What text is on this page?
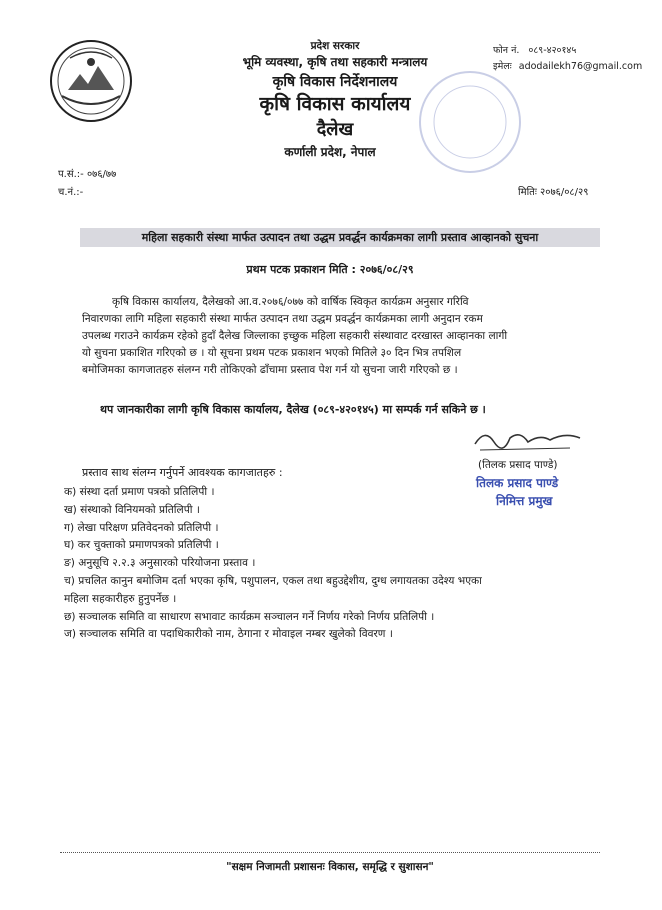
प्रदेश सरकार
भूमि व्यवस्था, कृषि तथा सहकारी मन्त्रालय
कृषि विकास निर्देशनालय
कृषि विकास कार्यालय
दैलेख
कर्णाली प्रदेश, नेपाल
फोन नं. ०८९-४२०१४५
इमेलः adodailekh76@gmail.com
प.सं.:- ०७६/७७
च.नं.:-	मितिः २०७६/०८/२९
महिला सहकारी संस्था मार्फत उत्पादन तथा उद्धम प्रवर्द्धन कार्यक्रमका लागी प्रस्ताव आव्हानको सुचना
प्रथम पटक प्रकाशन मिति : २०७६/०८/२९
कृषि विकास कार्यालय, दैलेखको आ.व.२०७६/०७७ को वार्षिक स्विकृत कार्यक्रम अनुसार गरिवि
निवारणका लागि महिला सहकारी संस्था मार्फत उत्पादन तथा उद्धम प्रवर्द्धन कार्यक्रमका लागी अनुदान रकम
उपलब्ध गराउने कार्यक्रम रहेको हुदाँ दैलेख जिल्लाका इच्छुक महिला सहकारी संस्थावाट दरखास्त आव्हानका लागी
यो सुचना प्रकाशित गरिएको छ । यो सूचना प्रथम पटक प्रकाशन भएको मितिले ३० दिन भित्र तपशिल
बमोजिमका कागजातहरु संलग्न गरी तोकिएको ढाँचामा प्रस्ताव पेश गर्न यो सुचना जारी गरिएको छ ।
थप जानकारीका लागी कृषि विकास कार्यालय, दैलेख (०८९-४२०१४५) मा सम्पर्क गर्न सकिने छ ।
(तिलक प्रसाद पाण्डे)
तिलक प्रसाद पाण्डे
निमित्त प्रमुख
प्रस्ताव साथ संलग्न गर्नुपर्ने आवश्यक कागजातहरु :
क) संस्था दर्ता प्रमाण पत्रको प्रतिलिपी ।
ख) संस्थाको विनियमको प्रतिलिपी ।
ग) लेखा परिक्षण प्रतिवेदनको प्रतिलिपी ।
घ) कर चुक्ताको प्रमाणपत्रको प्रतिलिपी ।
ङ) अनुसूचि २.२.३ अनुसारको परियोजना प्रस्ताव ।
च) प्रचलित कानुन बमोजिम दर्ता भएका कृषि, पशुपालन, एकल तथा बहुउद्देशीय, दुग्ध लगायतका उदेश्य भएका
महिला सहकारीहरु हुनुपर्नेछ ।
छ) सञ्चालक समिति वा साधारण सभावाट कार्यक्रम सञ्चालन गर्ने निर्णय गरेको निर्णय प्रतिलिपी ।
ज) सञ्चालक समिति वा पदाधिकारीको नाम, ठेगाना र मोवाइल नम्बर खुलेको विवरण ।
"सक्षम निजामती प्रशासनः विकास, समृद्धि र सुशासन"
